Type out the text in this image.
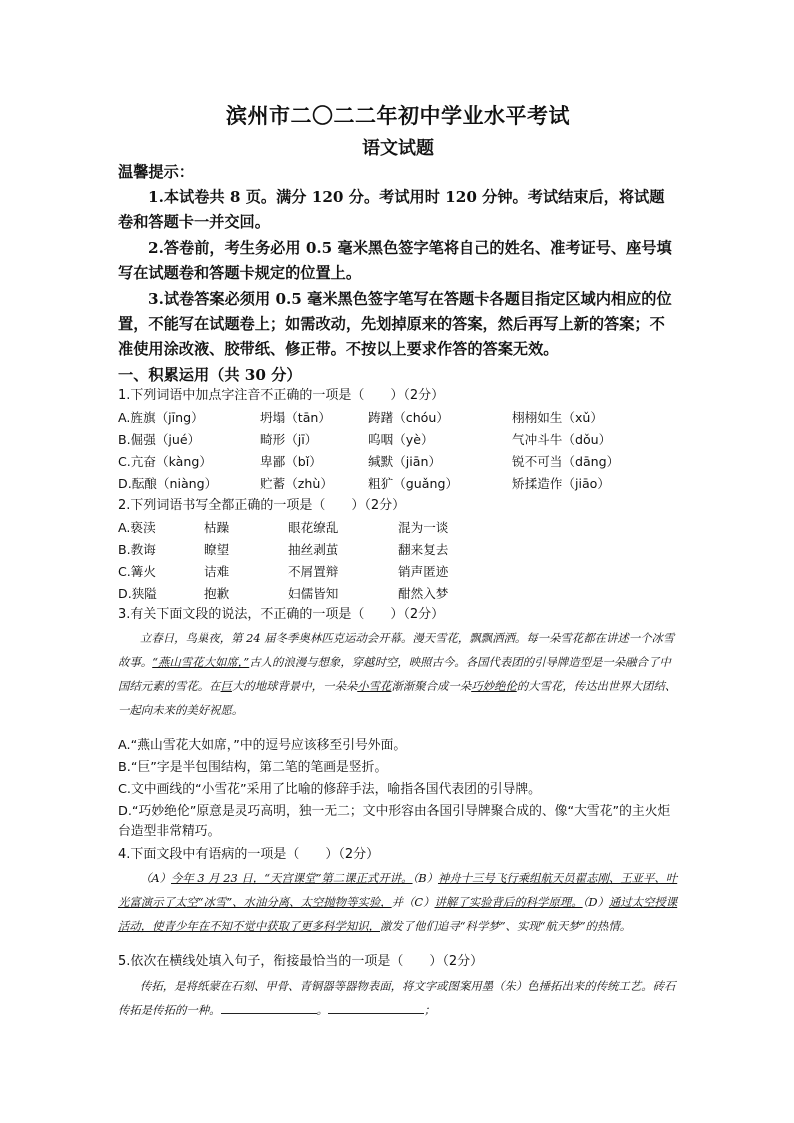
滨州市二〇二二年初中学业水平考试
语文试题
温馨提示：
1.本试卷共 8 页。满分 120 分。考试用时 120 分钟。考试结束后，将试题卷和答题卡一并交回。
2.答卷前，考生务必用 0.5 毫米黑色签字笔将自己的姓名、准考证号、座号填写在试题卷和答题卡规定的位置上。
3.试卷答案必须用 0.5 毫米黑色签字笔写在答题卡各题目指定区域内相应的位置，不能写在试题卷上；如需改动，先划掉原来的答案，然后再写上新的答案；不准使用涂改液、胶带纸、修正带。不按以上要求作答的答案无效。
一、积累运用（共 30 分）
1.下列词语中加点字注音不正确的一项是（　　）（2分）
A.旌旗（jīng）	坍塌（tān）	踌躇（chóu）	栩栩如生（xǔ）
B.倔强（jué）	畸形（jī）	呜咽（yè）	气冲斗牛（dǒu）
C.亢奋（kàng）	卑鄙（bǐ）	缄默（jiān）	锐不可当（dāng）
D.酝酿（niàng）	贮蓄（zhù）	粗犷（guǎng）	矫揉造作（jiāo）
2.下列词语书写全都正确的一项是（　　）（2分）
A.亵渎	枯躁	眼花缭乱	混为一谈
B.教诲	瞭望	抽丝剥茧	翻来复去
C.篝火	诘难	不屑置辩	销声匿迹
D.狭隘	抱歉	妇儒皆知	酣然入梦
3.有关下面文段的说法，不正确的一项是（　　）（2分）
立春日，鸟巢夜，第 24 届冬季奥林匹克运动会开幕。漫天雪花，飘飘洒洒。每一朵雪花都在讲述一个冰雪故事。“燕山雪花大如席，”古人的浪漫与想象，穿越时空，映照古今。各国代表团的引导牌造型是一朵融合了中国结元素的雪花。在巨大的地球背景中，一朵朵小雪花渐渐聚合成一朵巧妙绝伦的大雪花，传达出世界大团结、一起向未来的美好祝愿。
A.“燕山雪花大如席，”中的逗号应该移至引号外面。
B.“巨”字是半包围结构，第二笔的笔画是竖折。
C.文中画线的“小雪花”采用了比喻的修辞手法，喻指各国代表团的引导牌。
D.“巧妙绝伦”原意是灵巧高明，独一无二；文中形容由各国引导牌聚合成的、像“大雪花”的主火炬台造型非常精巧。
4.下面文段中有语病的一项是（　　）（2分）
（A）今年 3 月 23 日，“天宫课堂”第二课正式开讲。（B）神舟十三号飞行乘组航天员翟志刚、王亚平、叶光富演示了太空“冰雪”、水油分离、太空抛物等实验，并（C）讲解了实验背后的科学原理。（D）通过太空授课活动，使青少年在不知不觉中获取了更多科学知识，激发了他们追寻“科学梦”、实现“航天梦”的热情。
5.依次在横线处填入句子，衔接最恰当的一项是（　　）（2分）
传拓，是将纸蒙在石刻、甲骨、青铜器等器物表面，将文字或图案用墨（朱）色捶拓出来的传统工艺。砖石传拓是传拓的一种。	。	；
